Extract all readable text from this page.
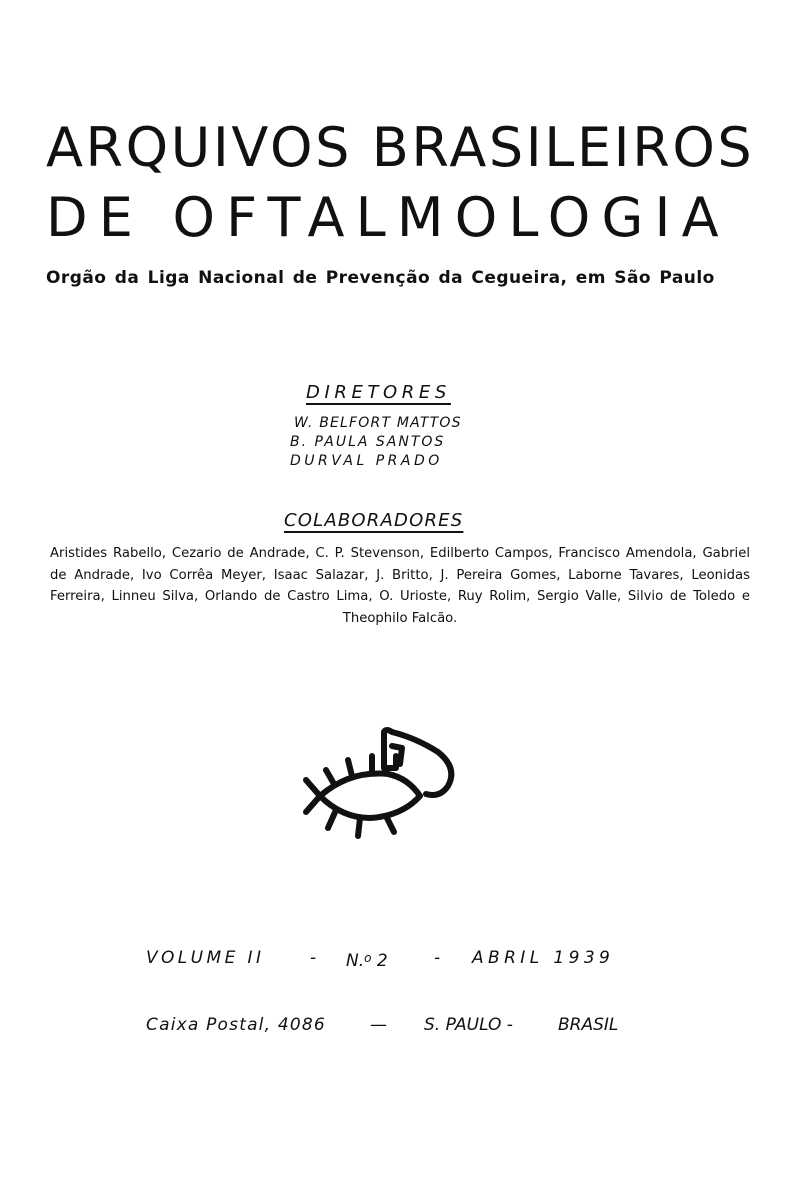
ARQUIVOS BRASILEIROS
DE OFTALMOLOGIA
Orgão da Liga Nacional de Prevenção da Cegueira, em São Paulo
DIRETORES
W. BELFORT MATTOS
B. PAULA SANTOS
DURVAL PRADO
COLABORADORES

Aristides Rabello, Cezario de Andrade, C. P. Stevenson, Edilberto Campos, Francisco Amendola, Gabriel de Andrade, Ivo Corrêa Meyer, Isaac Salazar, J. Britto, J. Pereira Gomes, Laborne Tavares, Leonidas Ferreira, Linneu Silva, Orlando de Castro Lima, O. Urioste, Ruy Rolim, Sergio Valle, Silvio de Toledo e Theophilo Falcão.

VOLUME II	- N.$^o$ 2	- ABRIL 1939
Caixa Postal, 4086	— S. PAULO -	BRASIL
